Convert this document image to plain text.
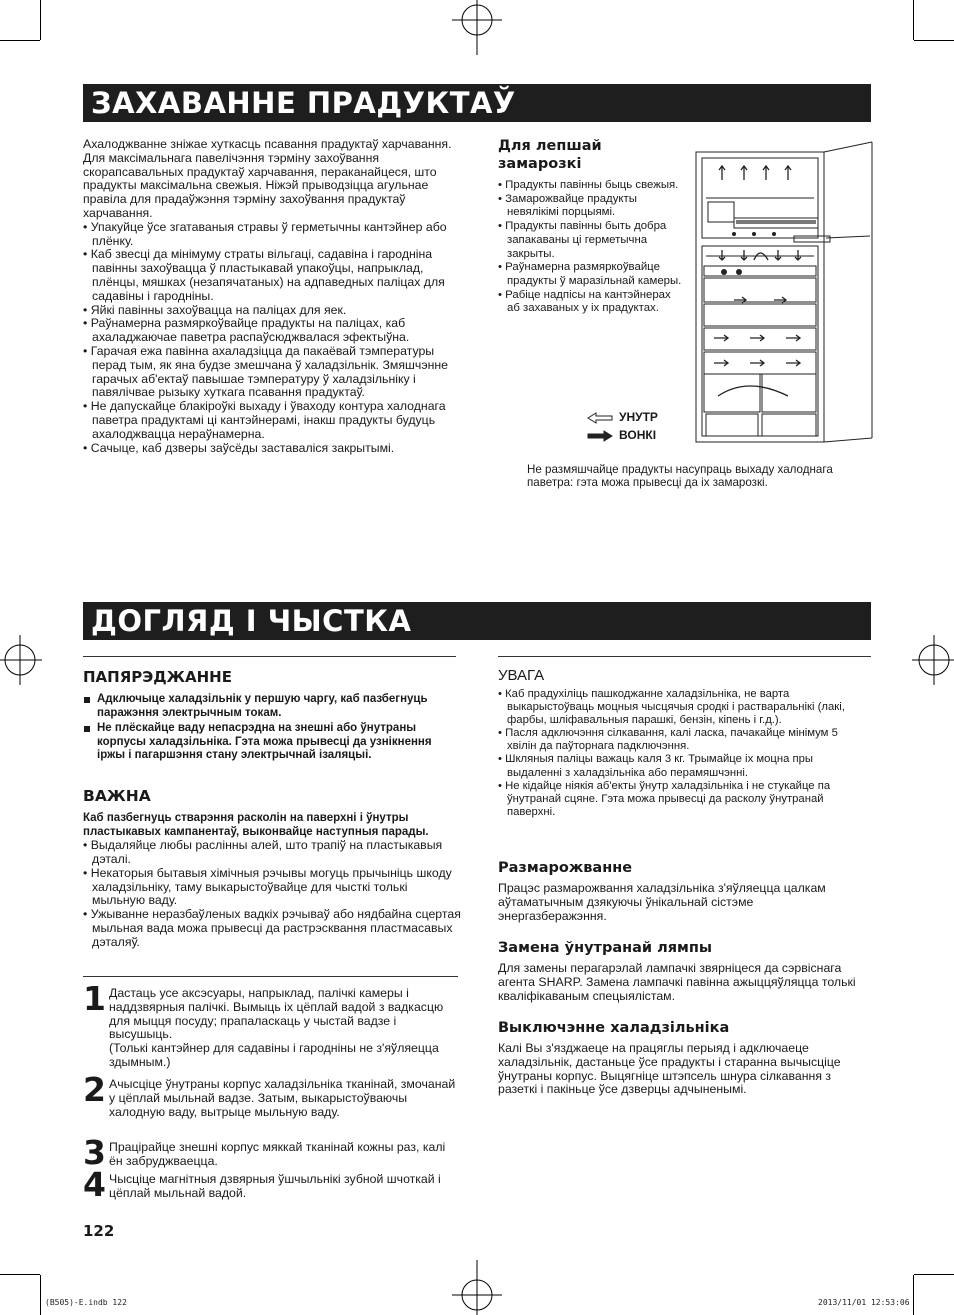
ЗАХАВАННЕ ПРАДУКТАЎ
Ахалоджванне зніжае хуткасць псавання прадуктаў харчавання. Для максімальнага павелічэння тэрміну захоўвання скорапсавальных прадуктаў харчавання, пераканайцеся, што прадукты максімальна свежыя. Ніжэй прыводзіцца агульнае правіла для прадаўжэння тэрміну захоўвання прадуктаў харчавання.
• Упакуйце ўсе згатаваныя стравы ў герметычны кантэйнер або плёнку.
• Каб звесці да мінімуму страты вільгаці, садавіна і гародніна павінны захоўвацца ў пластыкавай упакоўцы, напрыклад, плёнцы, мяшках (незапячатаных) на адпаведных паліцах для садавіны і гародніны.
• Яйкі павінны захоўвацца на паліцах для яек.
• Раўнамерна размяркоўвайце прадукты на паліцах, каб ахаладжаючае паветра распаўсюджвалася эфектыўна.
• Гарачая ежа павінна ахаладзіцца да пакаёвай тэмпературы перад тым, як яна будзе змешчана ў халадзільнік. Змяшчэнне гарачых аб'ектаў павышае тэмпературу ў халадзільніку і павялічвае рызыку хуткага псавання прадуктаў.
• Не дапускайце блакіроўкі выхаду і ўваходу контура халоднага паветра прадуктамі ці кантэйнерамі, інакш прадукты будуць ахалоджвацца нераўнамерна.
• Сачыце, каб дзверы заўсёды заставаліся закрытымі.
Для лепшай замарозкі
• Прадукты павінны быць свежыя.
• Замарожвайце прадукты невялікімі порцыямі.
• Прадукты павінны быть добра запакаваны ці герметычна закрыты.
• Раўнамерна размяркоўвайце прадукты ў маразільнай камеры.
• Рабіце надпісы на кантэйнерах аб захаваных у іх прадуктах.
УНУТР
ВОНКІ
Не размяшчайце прадукты насупраць выхаду халоднага паветра: гэта можа прывесці да іх замарозкі.
ДОГЛЯД І ЧЫСТКА
ПАПЯРЭДЖАННЕ
Адключыце халадзільнік у першую чаргу, каб пазбегнуць паражэння электрычным токам.
Не плёскайце ваду непасрэдна на знешні або ўнутраны корпусы халадзільніка. Гэта можа прывесці да узнікнення іржы і пагаршэння стану электрычнай ізаляцыі.
ВАЖНА
Каб пазбегнуць стварэння расколін на паверхні і ўнутры пластыкавых кампанентаў, выконвайце наступныя парады.
• Выдаляйце любы раслінны алей, што трапіў на пластыкавыя дэталі.
• Некаторыя бытавыя хімічныя рэчывы могуць прычыніць шкоду халадзільніку, таму выкарыстоўвайце для чысткі толькі мыльную ваду.
• Ужыванне неразбаўленых вадкіх рэчываў або нядбайна сцертая мыльная вада можа прывесці да растрэсквання пластмасавых дэталяў.
1 Дастаць усе аксэсуары, напрыклад, палічкі камеры і наддзвярныя палічкі. Вымыць іх цёплай вадой з вадкасцю для мыцця посуду; прапаласкаць у чыстай вадзе і высушыць.
(Толькі кантэйнер для садавіны і гародніны не з'яўляецца здымным.)
2 Ачысціце ўнутраны корпус халадзільніка тканінай, змочанай у цёплай мыльнай вадзе. Затым, выкарыстоўваючы халодную ваду, вытрыце мыльную ваду.
3 Працірайце знешні корпус мяккай тканінай кожны раз, калі ён забруджваецца.
4 Чысціце магнітныя дзвярныя ўшчыльнікі зубной шчоткай і цёплай мыльнай вадой.
122
УВАГА
• Каб прадухіліць пашкоджанне халадзільніка, не варта выкарыстоўваць моцныя чысцячыя сродкі і растваральнікі (лакі, фарбы, шліфавальныя парашкі, бензін, кіпень і г.д.).
• Пасля адключэння сілкавання, калі ласка, пачакайце мінімум 5 хвілін да паўторнага падключэння.
• Шкляныя паліцы важаць каля 3 кг. Трымайце іх моцна пры выдаленні з халадзільніка або перамяшчэнні.
• Не кідайце ніякія аб'екты ўнутр халадзільніка і не стукайце па ўнутранай сцяне. Гэта можа прывесці да расколу ўнутранай паверхні.
Размарожванне
Працэс размарожвання халадзільніка з'яўляецца цалкам аўтаматычным дзякуючы ўнікальнай сістэме энергазберажэння.
Замена ўнутранай лямпы
Для замены перагарэлай лампачкі звярніцеся да сэрвіснага агента SHARP. Замена лампачкі павінна ажыццяўляцца толькі кваліфікаваным спецыялістам.
Выключэнне халадзільніка
Калі Вы з'язджаеце на працяглы перыяд і адключаеце халадзільнік, дастаньце ўсе прадукты і старанна вычысціце ўнутраны корпус. Выцягніце штэпсель шнура сілкавання з разеткі і пакіньце ўсе дзверцы адчыненымі.
(B505)-E.indb 122	2013/11/01 12:53:06
